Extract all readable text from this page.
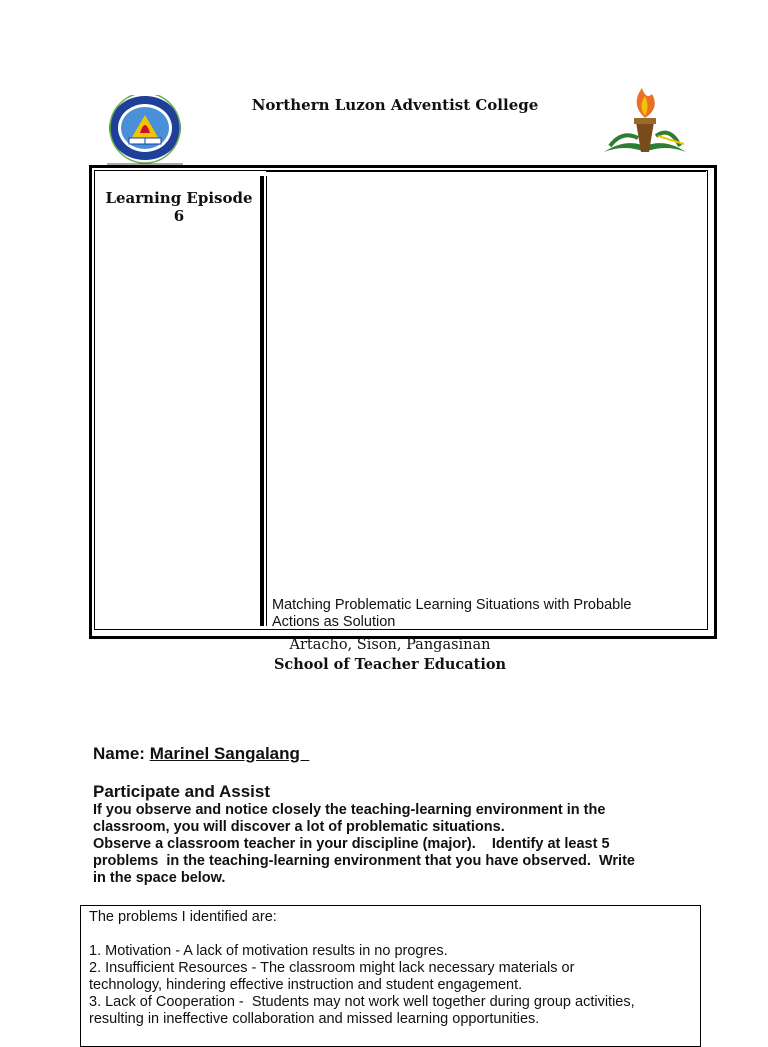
Northern Luzon Adventist College
Learning Episode
6
Matching Problematic Learning Situations with Probable
Actions as Solution
Artacho, Sison, Pangasinan
School of Teacher Education
Name: Marinel Sangalang
Participate and Assist
If you observe and notice closely the teaching-learning environment in the
classroom, you will discover a lot of problematic situations.
Observe a classroom teacher in your discipline (major).    Identify at least 5
problems  in the teaching-learning environment that you have observed.  Write
in the space below.
The problems I identified are:
1. Motivation - A lack of motivation results in no progres.
2. Insufficient Resources - The classroom might lack necessary materials or
technology, hindering effective instruction and student engagement.
3. Lack of Cooperation -  Students may not work well together during group activities,
resulting in ineffective collaboration and missed learning opportunities.
